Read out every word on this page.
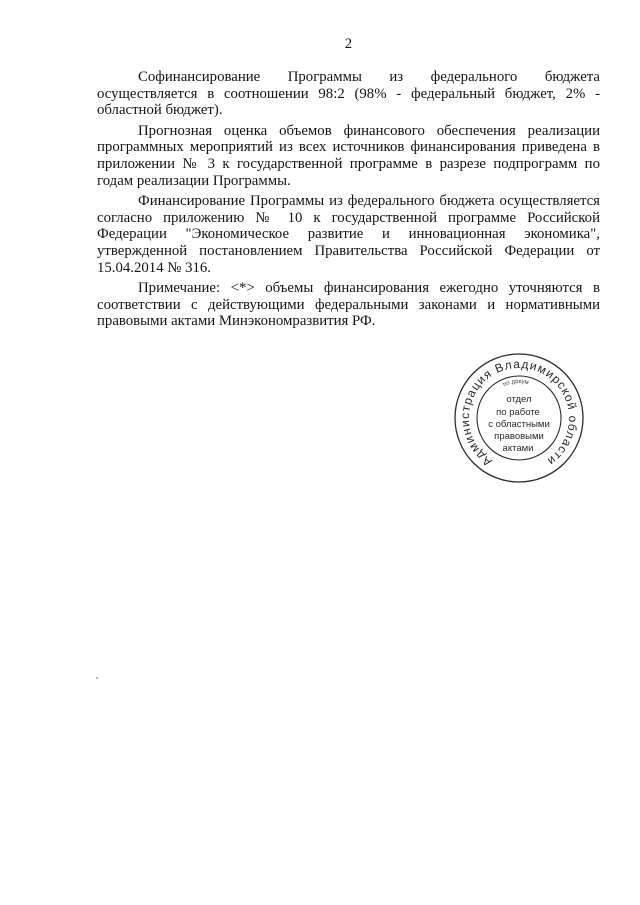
2
Софинансирование Программы из федерального бюджета
осуществляется в соотношении 98:2 (98% - федеральный бюджет, 2% -
областной бюджет).
Прогнозная оценка объемов финансового обеспечения реализации
программных мероприятий из всех источников финансирования приведена в
приложении № 3 к государственной программе в разрезе подпрограмм по
годам реализации Программы.
Финансирование Программы из федерального бюджета осуществляется
согласно приложению № 10 к государственной программе Российской
Федерации "Экономическое развитие и инновационная экономика",
утвержденной постановлением Правительства Российской Федерации от
15.04.2014 № 316.
Примечание: <*> объемы финансирования ежегодно уточняются в
соответствии с действующими федеральными законами и нормативными
правовыми актами Минэкономразвития РФ.
Администрация Владимирской области
по докум
отдел
по работе
с областными
правовыми
актами
